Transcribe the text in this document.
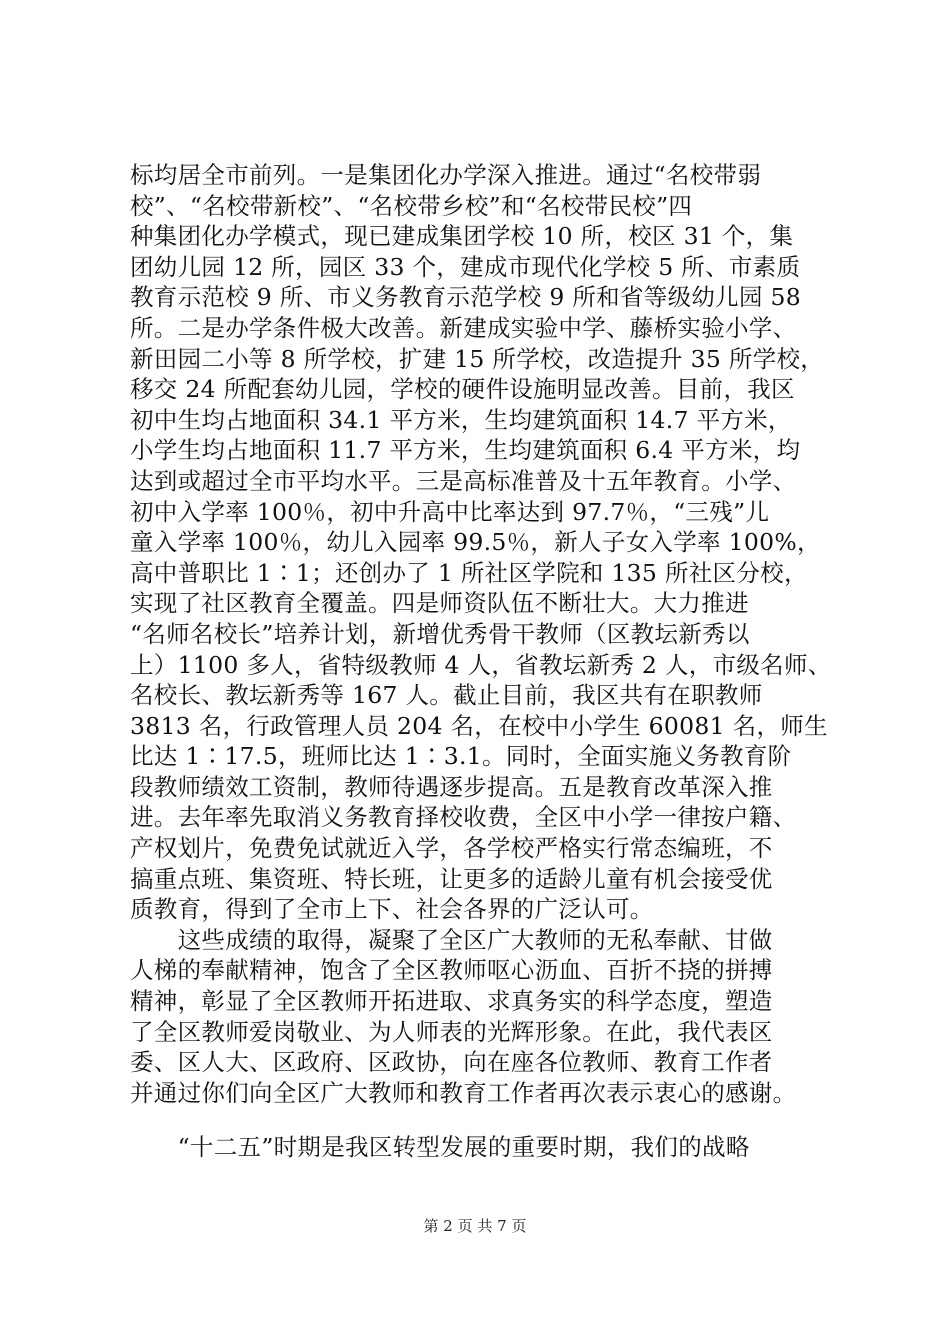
标均居全市前列。一是集团化办学深入推进。通过“名校带弱
校”、“名校带新校”、“名校带乡校”和“名校带民校”四
种集团化办学模式，现已建成集团学校 10 所，校区 31 个，集
团幼儿园 12 所，园区 33 个，建成市现代化学校 5 所、市素质
教育示范校 9 所、市义务教育示范学校 9 所和省等级幼儿园 58
所。二是办学条件极大改善。新建成实验中学、藤桥实验小学、
新田园二小等 8 所学校，扩建 15 所学校，改造提升 35 所学校，
移交 24 所配套幼儿园，学校的硬件设施明显改善。目前，我区
初中生均占地面积 34.1 平方米，生均建筑面积 14.7 平方米，
小学生均占地面积 11.7 平方米，生均建筑面积 6.4 平方米，均
达到或超过全市平均水平。三是高标准普及十五年教育。小学、
初中入学率 100％，初中升高中比率达到 97.7％，“三残”儿
童入学率 100％，幼儿入园率 99.5％，新人子女入学率 100%，
高中普职比 1∶1；还创办了 1 所社区学院和 135 所社区分校，
实现了社区教育全覆盖。四是师资队伍不断壮大。大力推进
“名师名校长”培养计划，新增优秀骨干教师（区教坛新秀以
上）1100 多人，省特级教师 4 人，省教坛新秀 2 人，市级名师、
名校长、教坛新秀等 167 人。截止目前，我区共有在职教师
3813 名，行政管理人员 204 名，在校中小学生 60081 名，师生
比达 1∶17.5，班师比达 1∶3.1。同时，全面实施义务教育阶
段教师绩效工资制，教师待遇逐步提高。五是教育改革深入推
进。去年率先取消义务教育择校收费，全区中小学一律按户籍、
产权划片，免费免试就近入学，各学校严格实行常态编班，不
搞重点班、集资班、特长班，让更多的适龄儿童有机会接受优
质教育，得到了全市上下、社会各界的广泛认可。
　　这些成绩的取得，凝聚了全区广大教师的无私奉献、甘做
人梯的奉献精神，饱含了全区教师呕心沥血、百折不挠的拼搏
精神，彰显了全区教师开拓进取、求真务实的科学态度，塑造
了全区教师爱岗敬业、为人师表的光辉形象。在此，我代表区
委、区人大、区政府、区政协，向在座各位教师、教育工作者
并通过你们向全区广大教师和教育工作者再次表示衷心的感谢。
　　“十二五”时期是我区转型发展的重要时期，我们的战略
第 2 页 共 7 页
